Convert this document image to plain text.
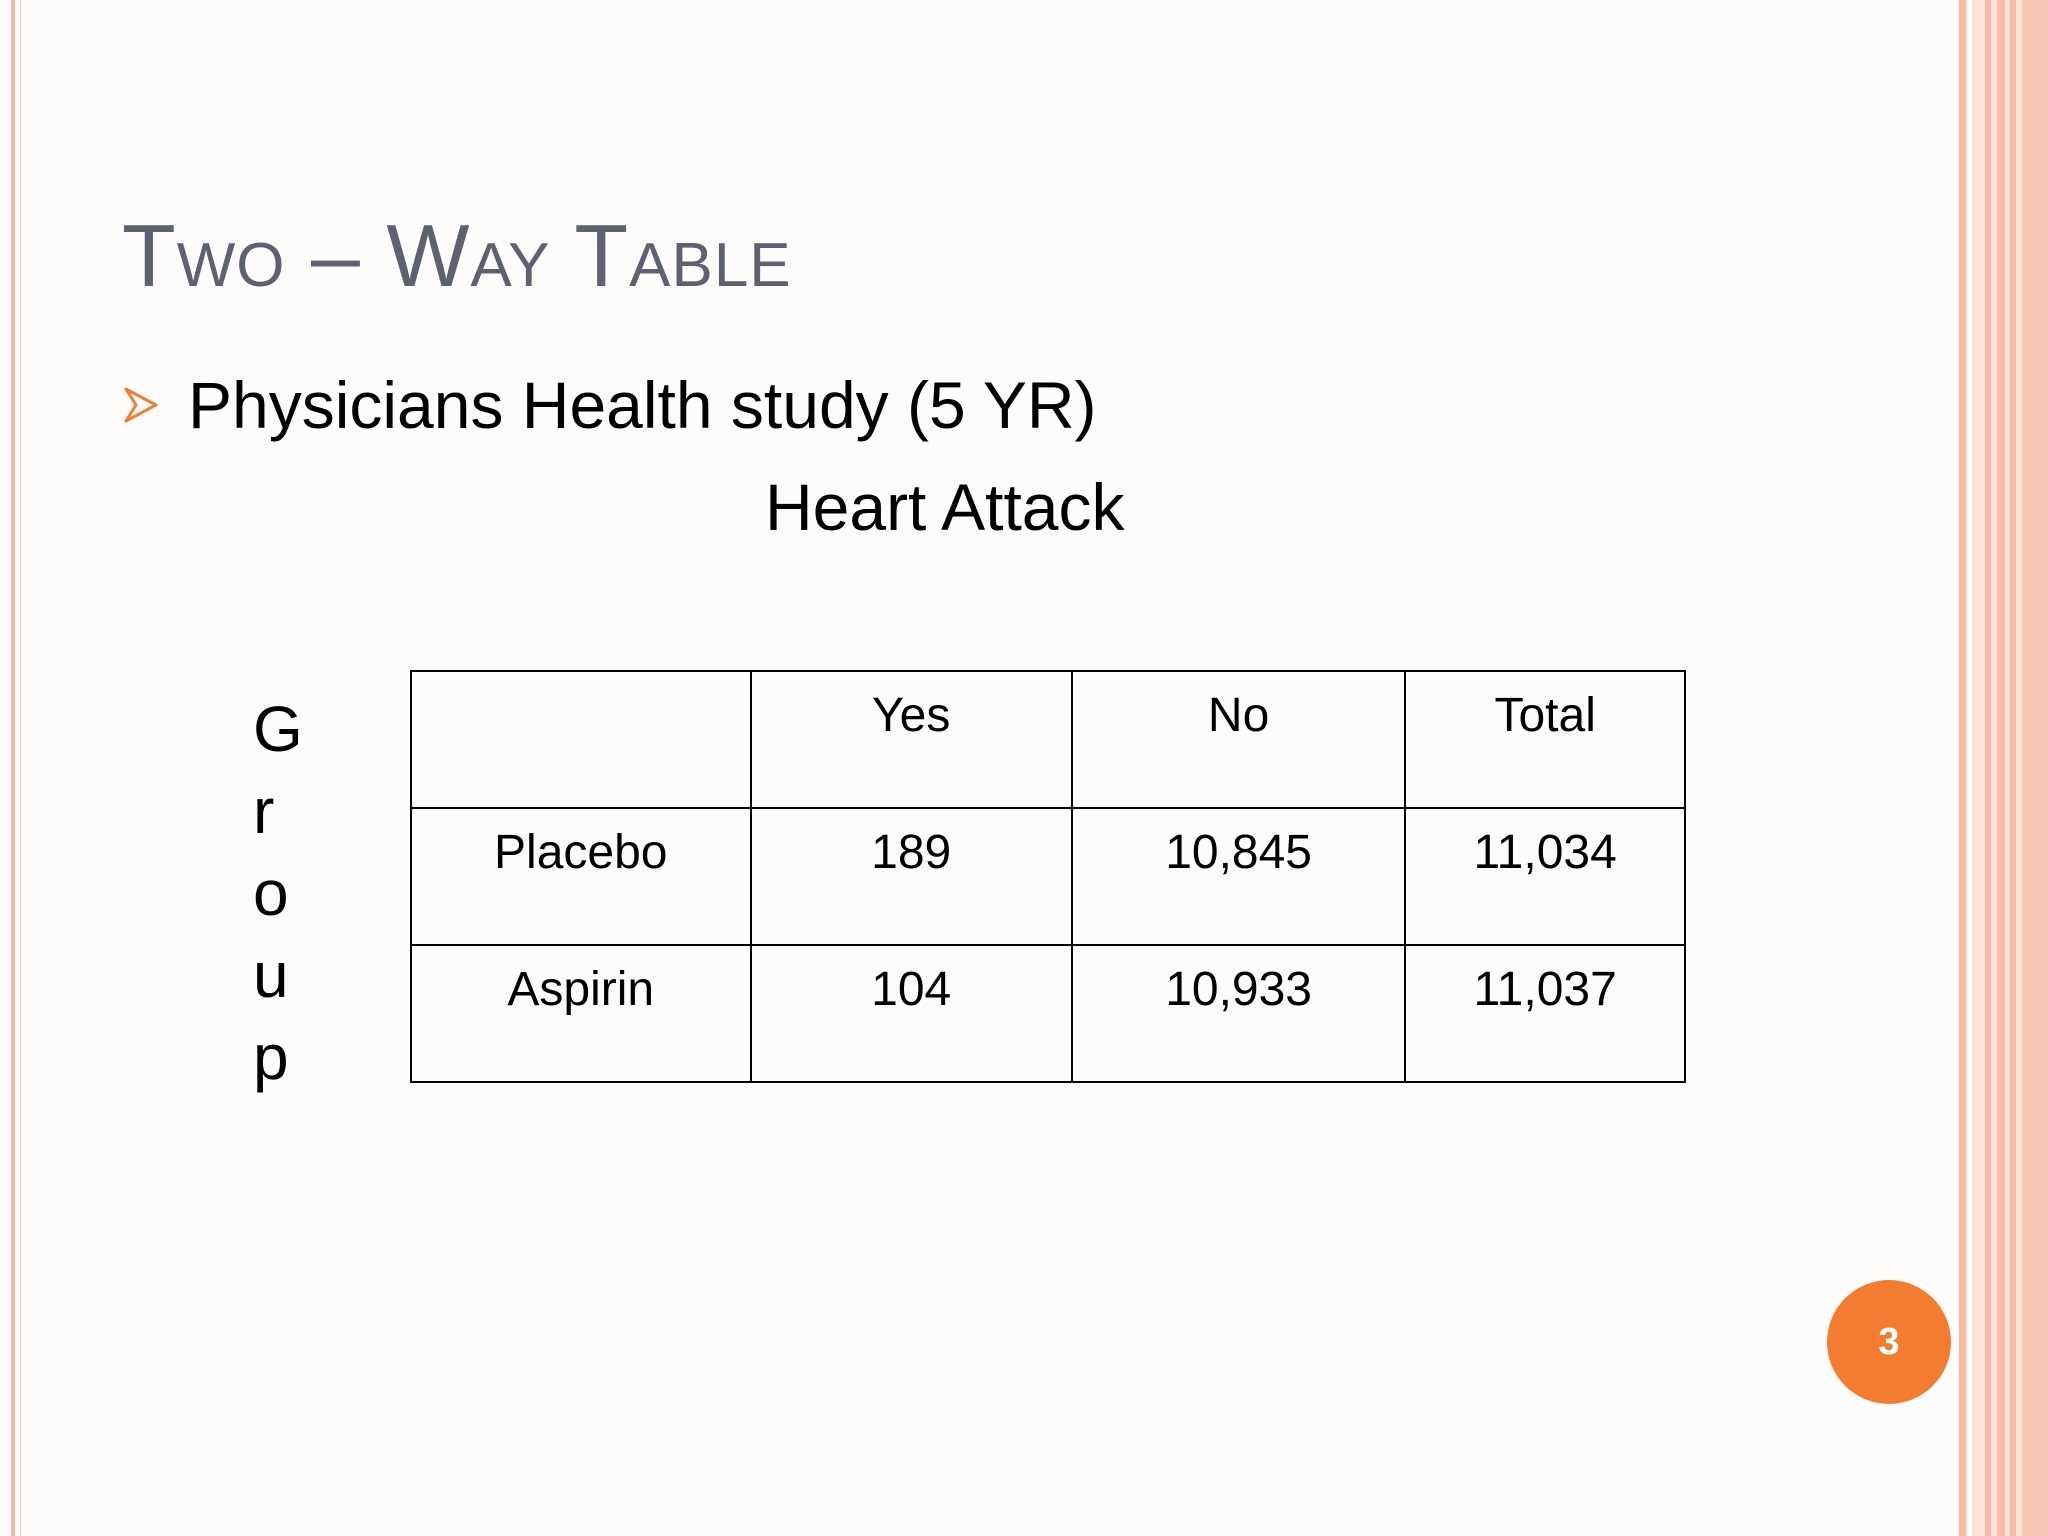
Two – Way Table
Physicians Health study (5 YR)
Heart Attack
G
r
o
u
p
	Yes	No	Total
Placebo	189	10,845	11,034
Aspirin	104	10,933	11,037
3
